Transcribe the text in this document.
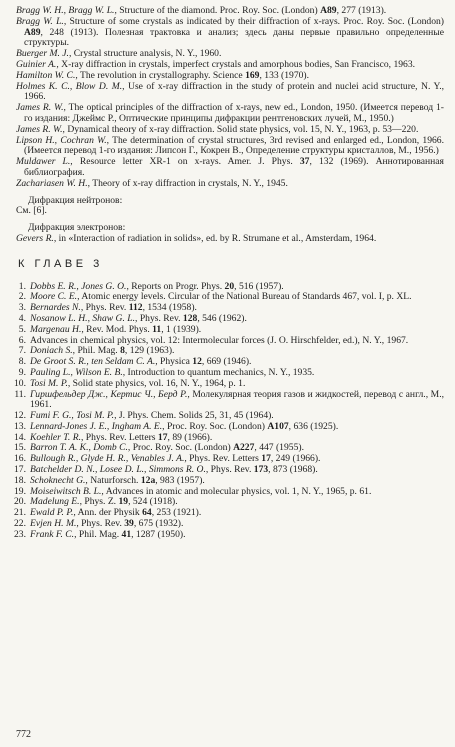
Bragg W. H., Bragg W. L., Structure of the diamond. Proc. Roy. Soc. (London) A89, 277 (1913).

Bragg W. L., Structure of some crystals as indicated by their diffraction of x-rays. Proc. Roy. Soc. (London) A89, 248 (1913). Полезная трактовка и анализ; здесь даны первые правильно определенные структуры.

Buerger M. J., Crystal structure analysis, N. Y., 1960.

Guinier A., X-ray diffraction in crystals, imperfect crystals and amorphous bodies, San Francisco, 1963.

Hamilton W. C., The revolution in crystallography. Science 169, 133 (1970).

Holmes K. C., Blow D. M., Use of x-ray diffraction in the study of protein and nuclei acid structure, N. Y., 1966.

James R. W., The optical principles of the diffraction of x-rays, new ed., London, 1950. (Имеется перевод 1-го издания: Джеймс Р., Оптические принципы дифракции рентгеновских лучей, М., 1950.)

James R. W., Dynamical theory of x-ray diffraction. Solid state physics, vol. 15, N. Y., 1963, p. 53—220.

Lipson H., Cochran W., The determination of crystal structures, 3rd revised and enlarged ed., London, 1966. (Имеется перевод 1-го издания: Липсон Г., Кокрен В., Определение структуры кристаллов, М., 1956.)

Muldawer L., Resource letter XR-1 on x-rays. Amer. J. Phys. 37, 132 (1969). Аннотированная библиография.

Zachariasen W. H., Theory of x-ray diffraction in crystals, N. Y., 1945.

Дифракция нейтронов:
См. [6].
Дифракция электронов:

Gevers R., in «Interaction of radiation in solids», ed. by R. Strumane et al., Amsterdam, 1964.

К ГЛАВЕ 3
1. Dobbs E. R., Jones G. O., Reports on Progr. Phys. 20, 516 (1957).
2. Moore C. E., Atomic energy levels. Circular of the National Bureau of Standards 467, vol. I, p. XL.
3. Bernardes N., Phys. Rev. 112, 1534 (1958).
4. Nosanow L. H., Shaw G. L., Phys. Rev. 128, 546 (1962).
5. Margenau H., Rev. Mod. Phys. 11, 1 (1939).
6. Advances in chemical physics, vol. 12: Intermolecular forces (J. O. Hirschfelder, ed.), N. Y., 1967.
7. Doniach S., Phil. Mag. 8, 129 (1963).
8. De Groot S. R., ten Seldam C. A., Physica 12, 669 (1946).
9. Pauling L., Wilson E. B., Introduction to quantum mechanics, N. Y., 1935.
10. Tosi M. P., Solid state physics, vol. 16, N. Y., 1964, p. 1.
11. Гиршфельдер Дж., Кертис Ч., Берд Р., Молекулярная теория газов и жидкостей, перевод с англ., М., 1961.
12. Fumi F. G., Tosi M. P., J. Phys. Chem. Solids 25, 31, 45 (1964).
13. Lennard-Jones J. E., Ingham A. E., Proc. Roy. Soc. (London) A107, 636 (1925).
14. Koehler T. R., Phys. Rev. Letters 17, 89 (1966).
15. Barron T. A. K., Domb C., Proc. Roy. Soc. (London) A227, 447 (1955).
16. Bullough R., Glyde H. R., Venables J. A., Phys. Rev. Letters 17, 249 (1966).
17. Batchelder D. N., Losee D. L., Simmons R. O., Phys. Rev. 173, 873 (1968).
18. Schoknecht G., Naturforsch. 12a, 983 (1957).
19. Moiseiwitsch B. L., Advances in atomic and molecular physics, vol. 1, N. Y., 1965, p. 61.
20. Madelung E., Phys. Z. 19, 524 (1918).
21. Ewald P. P., Ann. der Physik 64, 253 (1921).
22. Evjen H. M., Phys. Rev. 39, 675 (1932).
23. Frank F. C., Phil. Mag. 41, 1287 (1950).
772
